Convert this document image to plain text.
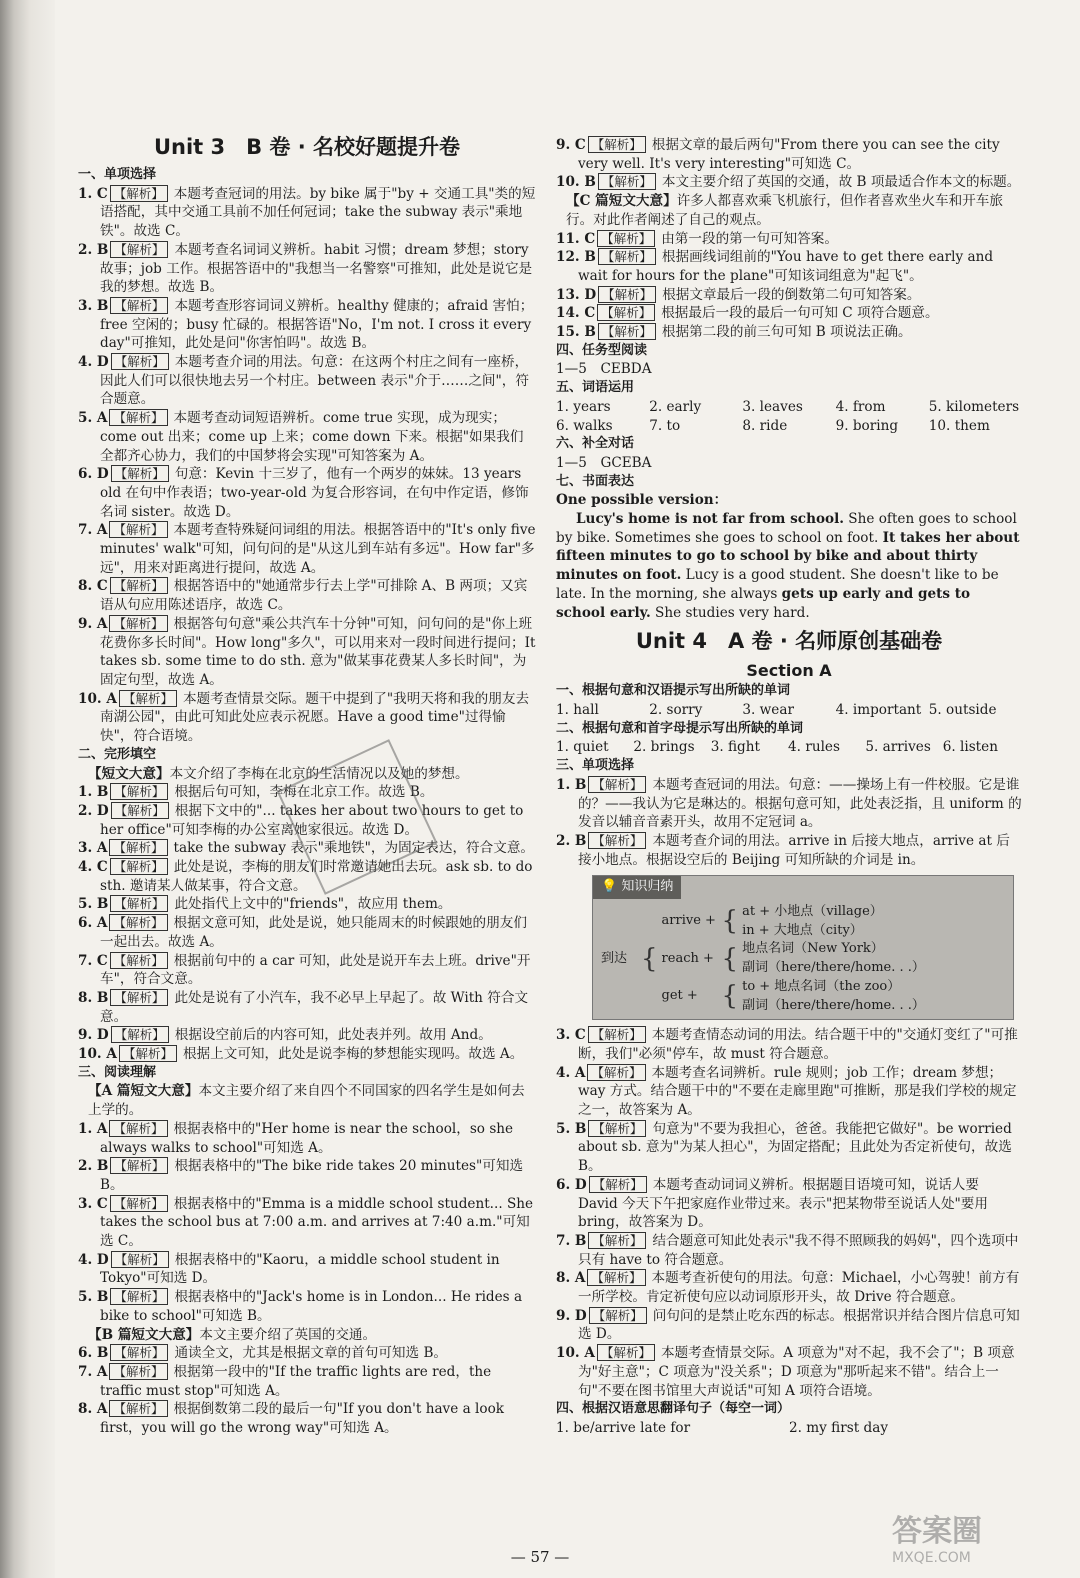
Unit 3　B 卷 · 名校好题提升卷
一、单项选择
1. C 【解析】 本题考查冠词的用法。by bike 属于"by + 交通工具"类的短语搭配，其中交通工具前不加任何冠词；take the subway 表示"乘地铁"。故选 C。
2. B 【解析】 本题考查名词词义辨析。habit 习惯；dream 梦想；story 故事；job 工作。根据答语中的"我想当一名警察"可推知，此处是说它是我的梦想。故选 B。
3. B 【解析】 本题考查形容词词义辨析。healthy 健康的；afraid 害怕；free 空闲的；busy 忙碌的。根据答语"No，I'm not. I cross it every day"可推知，此处是问"你害怕吗"。故选 B。
4. D 【解析】 本题考查介词的用法。句意：在这两个村庄之间有一座桥，因此人们可以很快地去另一个村庄。between 表示"介于……之间"，符合题意。
5. A 【解析】 本题考查动词短语辨析。come true 实现，成为现实；come out 出来；come up 上来；come down 下来。根据"如果我们全都齐心协力，我们的中国梦将会实现"可知答案为 A。
6. D 【解析】 句意：Kevin 十三岁了，他有一个两岁的妹妹。13 years old 在句中作表语；two-year-old 为复合形容词，在句中作定语，修饰名词 sister。故选 D。
7. A 【解析】 本题考查特殊疑问词组的用法。根据答语中的"It's only five minutes' walk"可知，问句问的是"从这儿到车站有多远"。How far"多远"，用来对距离进行提问，故选 A。
8. C 【解析】 根据答语中的"她通常步行去上学"可排除 A、B 两项；又宾语从句应用陈述语序，故选 C。
9. A 【解析】 根据答句句意"乘公共汽车十分钟"可知，问句问的是"你上班花费你多长时间"。How long"多久"，可以用来对一段时间进行提问；It takes sb. some time to do sth. 意为"做某事花费某人多长时间"，为固定句型，故选 A。
10. A 【解析】 本题考查情景交际。题干中提到了"我明天将和我的朋友去南湖公园"，由此可知此处应表示祝愿。Have a good time"过得愉快"，符合语境。
二、完形填空
【短文大意】本文介绍了李梅在北京的生活情况以及她的梦想。
1. B 【解析】 根据后句可知，李梅在北京工作。故选 B。
2. D 【解析】 根据下文中的"... takes her about two hours to get to her office"可知李梅的办公室离她家很远。故选 D。
3. A 【解析】 take the subway 表示"乘地铁"，为固定表达，符合文意。
4. C 【解析】 此处是说，李梅的朋友们时常邀请她出去玩。ask sb. to do sth. 邀请某人做某事，符合文意。
5. B 【解析】 此处指代上文中的"friends"，故应用 them。
6. A 【解析】 根据文意可知，此处是说，她只能周末的时候跟她的朋友们一起出去。故选 A。
7. C 【解析】 根据前句中的 a car 可知，此处是说开车去上班。drive"开车"，符合文意。
8. B 【解析】 此处是说有了小汽车，我不必早上早起了。故 With 符合文意。
9. D 【解析】 根据设空前后的内容可知，此处表并列。故用 And。
10. A 【解析】 根据上文可知，此处是说李梅的梦想能实现吗。故选 A。
三、阅读理解
【A 篇短文大意】本文主要介绍了来自四个不同国家的四名学生是如何去上学的。
1. A 【解析】 根据表格中的"Her home is near the school，so she always walks to school"可知选 A。
2. B 【解析】 根据表格中的"The bike ride takes 20 minutes"可知选 B。
3. C 【解析】 根据表格中的"Emma is a middle school student... She takes the school bus at 7:00 a.m. and arrives at 7:40 a.m."可知选 C。
4. D 【解析】 根据表格中的"Kaoru，a middle school student in Tokyo"可知选 D。
5. B 【解析】 根据表格中的"Jack's home is in London... He rides a bike to school"可知选 B。
【B 篇短文大意】本文主要介绍了英国的交通。
6. B 【解析】 通读全文，尤其是根据文章的首句可知选 B。
7. A 【解析】 根据第一段中的"If the traffic lights are red，the traffic must stop"可知选 A。
8. A 【解析】 根据倒数第二段的最后一句"If you don't have a look first，you will go the wrong way"可知选 A。
9. C 【解析】 根据文章的最后两句"From there you can see the city very well. It's very interesting"可知选 C。
10. B 【解析】 本文主要介绍了英国的交通，故 B 项最适合作本文的标题。
【C 篇短文大意】许多人都喜欢乘飞机旅行，但作者喜欢坐火车和开车旅行。对此作者阐述了自己的观点。
11. C 【解析】 由第一段的第一句可知答案。
12. B 【解析】 根据画线词组前的"You have to get there early and wait for hours for the plane"可知该词组意为"起飞"。
13. D 【解析】 根据文章最后一段的倒数第二句可知答案。
14. C 【解析】 根据最后一段的最后一句可知 C 项符合题意。
15. B 【解析】 根据第二段的前三句可知 B 项说法正确。
四、任务型阅读
1—5　CEBDA
五、词语运用
1. years	2. early	3. leaves	4. from	5. kilometers
6. walks	7. to	8. ride	9. boring	10. them
六、补全对话
1—5　GCEBA
七、书面表达
One possible version：

Lucy's home is not far from school. She often goes to school by bike. Sometimes she goes to school on foot. It takes her about fifteen minutes to go to school by bike and about thirty minutes on foot. Lucy is a good student. She doesn't like to be late. In the morning, she always gets up early and gets to school early. She studies very hard.

Unit 4　A 卷 · 名师原创基础卷
Section A
一、根据句意和汉语提示写出所缺的单词
1. hall	2. sorry	3. wear	4. important 5. outside
二、根据句意和首字母提示写出所缺的单词
1. quiet	2. brings	3. fight	4. rules	5. arrives 6. listen
三、单项选择
1. B 【解析】 本题考查冠词的用法。句意：——操场上有一件校服。它是谁的？——我认为它是琳达的。根据句意可知，此处表泛指，且 uniform 的发音以辅音音素开头，故用不定冠词 a。
2. B 【解析】 本题考查介词的用法。arrive in 后接大地点，arrive at 后接小地点。根据设空后的 Beijing 可知所缺的介词是 in。
💡 知识归纳
到达 {
arrive + { at + 小地点（village）
in + 大地点（city）
reach + { 地点名词（New York）
副词（here/there/home. . .）
get + { to + 地点名词（the zoo）
副词（here/there/home. . .）
3. C 【解析】 本题考查情态动词的用法。结合题干中的"交通灯变红了"可推断，我们"必须"停车，故 must 符合题意。
4. A 【解析】 本题考查名词辨析。rule 规则；job 工作；dream 梦想；way 方式。结合题干中的"不要在走廊里跑"可推断，那是我们学校的规定之一，故答案为 A。
5. B 【解析】 句意为"不要为我担心，爸爸。我能把它做好"。be worried about sb. 意为"为某人担心"，为固定搭配；且此处为否定祈使句，故选 B。
6. D 【解析】 本题考查动词词义辨析。根据题目语境可知，说话人要 David 今天下午把家庭作业带过来。表示"把某物带至说话人处"要用 bring，故答案为 D。
7. B 【解析】 结合题意可知此处表示"我不得不照顾我的妈妈"，四个选项中只有 have to 符合题意。
8. A 【解析】 本题考查祈使句的用法。句意：Michael，小心驾驶！前方有一所学校。肯定祈使句应以动词原形开头，故 Drive 符合题意。
9. D 【解析】 问句问的是禁止吃东西的标志。根据常识并结合图片信息可知选 D。
10. A 【解析】 本题考查情景交际。A 项意为"对不起，我不会了"；B 项意为"好主意"；C 项意为"没关系"；D 项意为"那听起来不错"。结合上一句"不要在图书馆里大声说话"可知 A 项符合语境。
四、根据汉语意思翻译句子（每空一词）
1. be/arrive late for	2. my first day
— 57 —
答案圈
MXQE.COM
